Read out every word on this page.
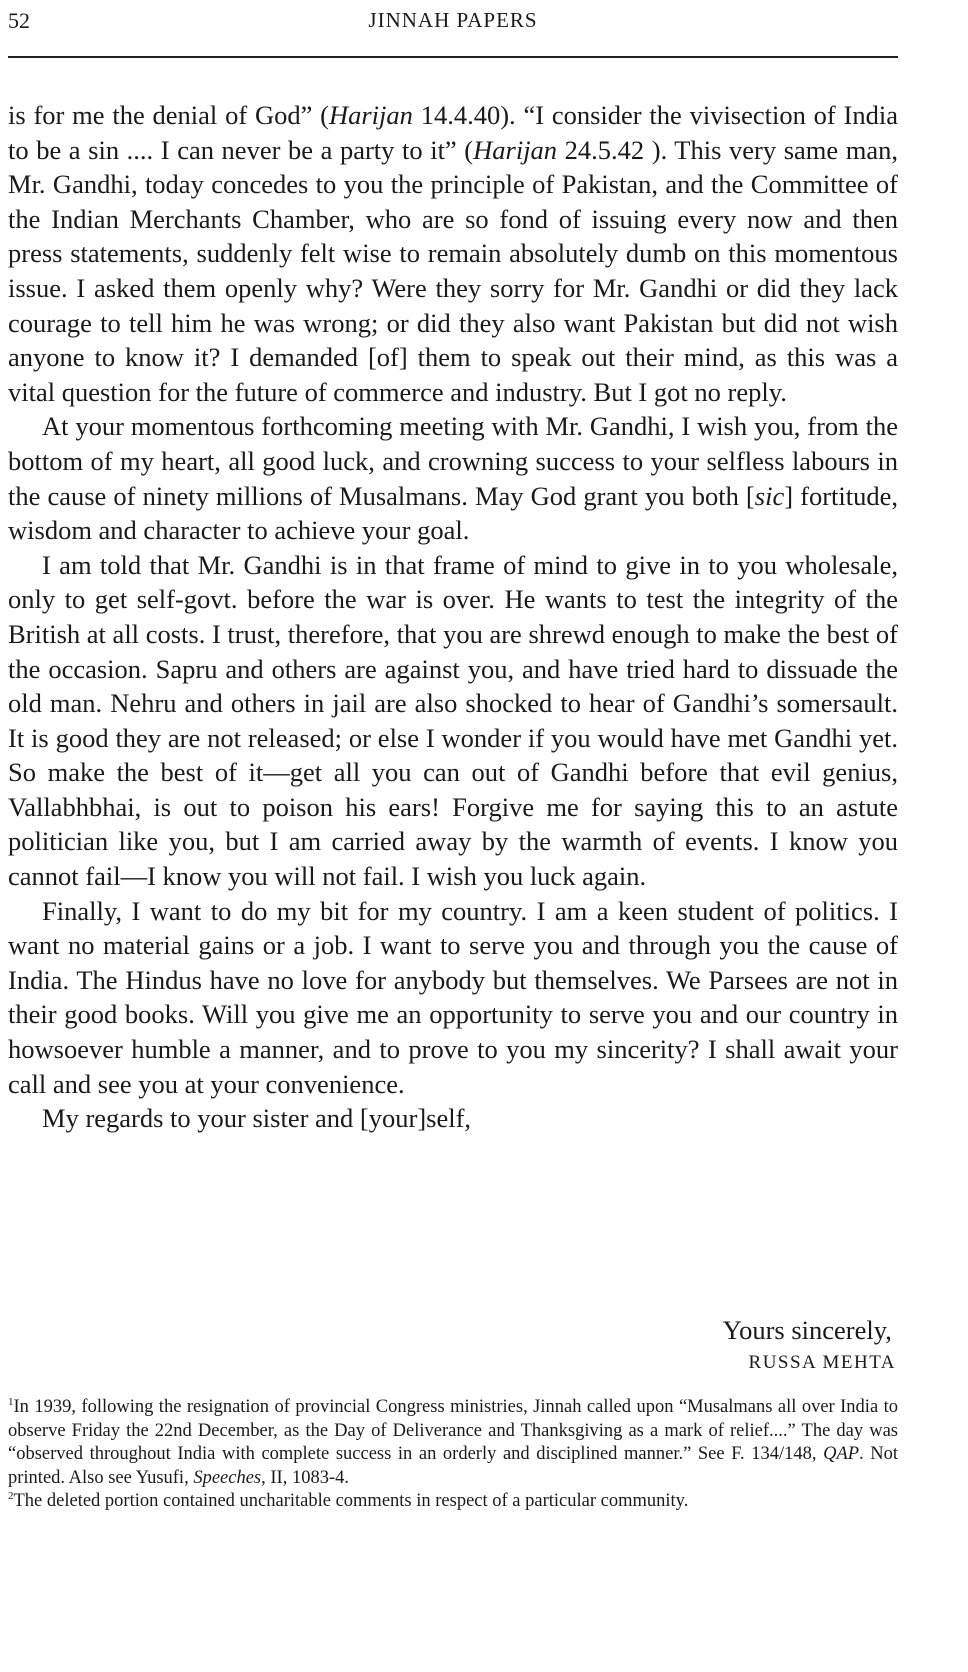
52	JINNAH PAPERS

is for me the denial of God” (Harijan 14.4.40). “I consider the vivisection of India to be a sin .... I can never be a party to it” (Harijan 24.5.42 ). This very same man, Mr. Gandhi, today concedes to you the principle of Pakistan, and the Committee of the Indian Merchants Chamber, who are so fond of issuing every now and then press statements, suddenly felt wise to remain absolutely dumb on this momentous issue. I asked them openly why? Were they sorry for Mr. Gandhi or did they lack courage to tell him he was wrong; or did they also want Pakistan but did not wish anyone to know it? I demanded [of] them to speak out their mind, as this was a vital question for the future of commerce and industry. But I got no reply.

At your momentous forthcoming meeting with Mr. Gandhi, I wish you, from the bottom of my heart, all good luck, and crowning success to your selfless labours in the cause of ninety millions of Musalmans. May God grant you both [sic] fortitude, wisdom and character to achieve your goal.

I am told that Mr. Gandhi is in that frame of mind to give in to you wholesale, only to get self-govt. before the war is over. He wants to test the integrity of the British at all costs. I trust, therefore, that you are shrewd enough to make the best of the occasion. Sapru and others are against you, and have tried hard to dissuade the old man. Nehru and others in jail are also shocked to hear of Gandhi’s somersault. It is good they are not released; or else I wonder if you would have met Gandhi yet. So make the best of it—get all you can out of Gandhi before that evil genius, Vallabhbhai, is out to poison his ears! Forgive me for saying this to an astute politician like you, but I am carried away by the warmth of events. I know you cannot fail—I know you will not fail. I wish you luck again.

Finally, I want to do my bit for my country. I am a keen student of politics. I want no material gains or a job. I want to serve you and through you the cause of India. The Hindus have no love for anybody but themselves. We Parsees are not in their good books. Will you give me an opportunity to serve you and our country in howsoever humble a manner, and to prove to you my sincerity? I shall await your call and see you at your convenience.

My regards to your sister and [your]self,

Yours sincerely,
RUSSA MEHTA

$^1$In 1939, following the resignation of provincial Congress ministries, Jinnah called upon “Musalmans all over India to observe Friday the 22nd December, as the Day of Deliverance and Thanksgiving as a mark of relief....” The day was “observed throughout India with complete success in an orderly and disciplined manner.” See F. 134/148, QAP. Not printed. Also see Yusufi, Speeches, II, 1083-4.

$^2$The deleted portion contained uncharitable comments in respect of a particular community.
